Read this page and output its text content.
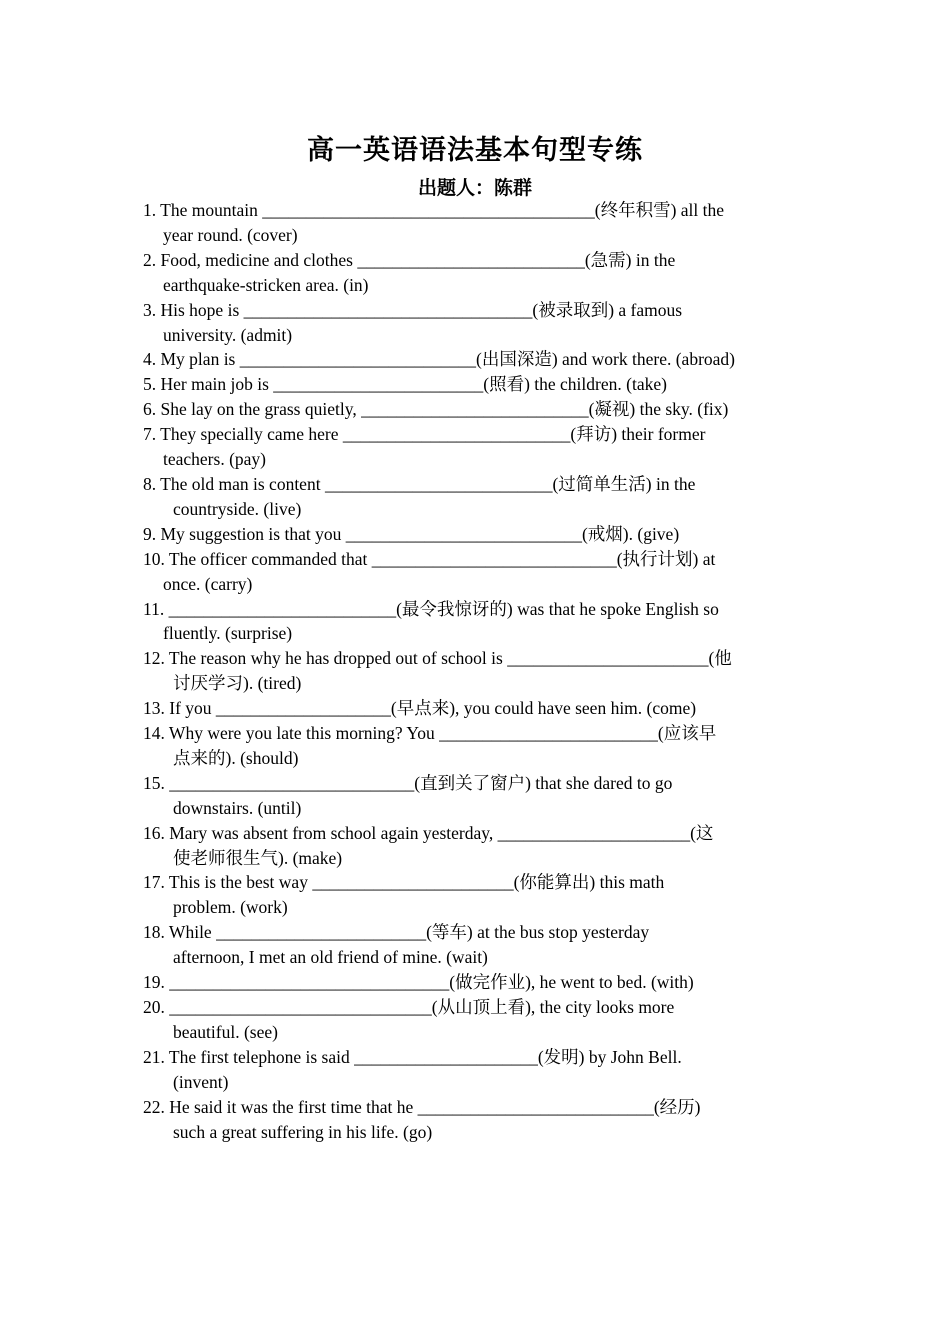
高一英语语法基本句型专练
出题人：陈群
1. The mountain ______________________________________(终年积雪) all the
year round. (cover)
2. Food, medicine and clothes __________________________(急需) in the
earthquake-stricken area. (in)
3. His hope is _________________________________(被录取到) a famous
university. (admit)
4. My plan is ___________________________(出国深造) and work there. (abroad)
5. Her main job is ________________________(照看) the children. (take)
6. She lay on the grass quietly, __________________________(凝视) the sky. (fix)
7. They specially came here __________________________(拜访) their former
teachers. (pay)
8. The old man is content __________________________(过简单生活) in the
countryside. (live)
9. My suggestion is that you ___________________________(戒烟). (give)
10. The officer commanded that ____________________________(执行计划) at
once. (carry)
11. __________________________(最令我惊讶的) was that he spoke English so
fluently. (surprise)
12. The reason why he has dropped out of school is _______________________(他
讨厌学习). (tired)
13. If you ____________________(早点来), you could have seen him. (come)
14. Why were you late this morning? You _________________________(应该早
点来的). (should)
15. ____________________________(直到关了窗户) that she dared to go
downstairs. (until)
16. Mary was absent from school again yesterday, ______________________(这
使老师很生气). (make)
17. This is the best way _______________________(你能算出) this math
problem. (work)
18. While ________________________(等车) at the bus stop yesterday
afternoon, I met an old friend of mine. (wait)
19. ________________________________(做完作业), he went to bed. (with)
20. ______________________________(从山顶上看), the city looks more
beautiful. (see)
21. The first telephone is said _____________________(发明) by John Bell.
(invent)
22. He said it was the first time that he ___________________________(经历)
such a great suffering in his life. (go)
